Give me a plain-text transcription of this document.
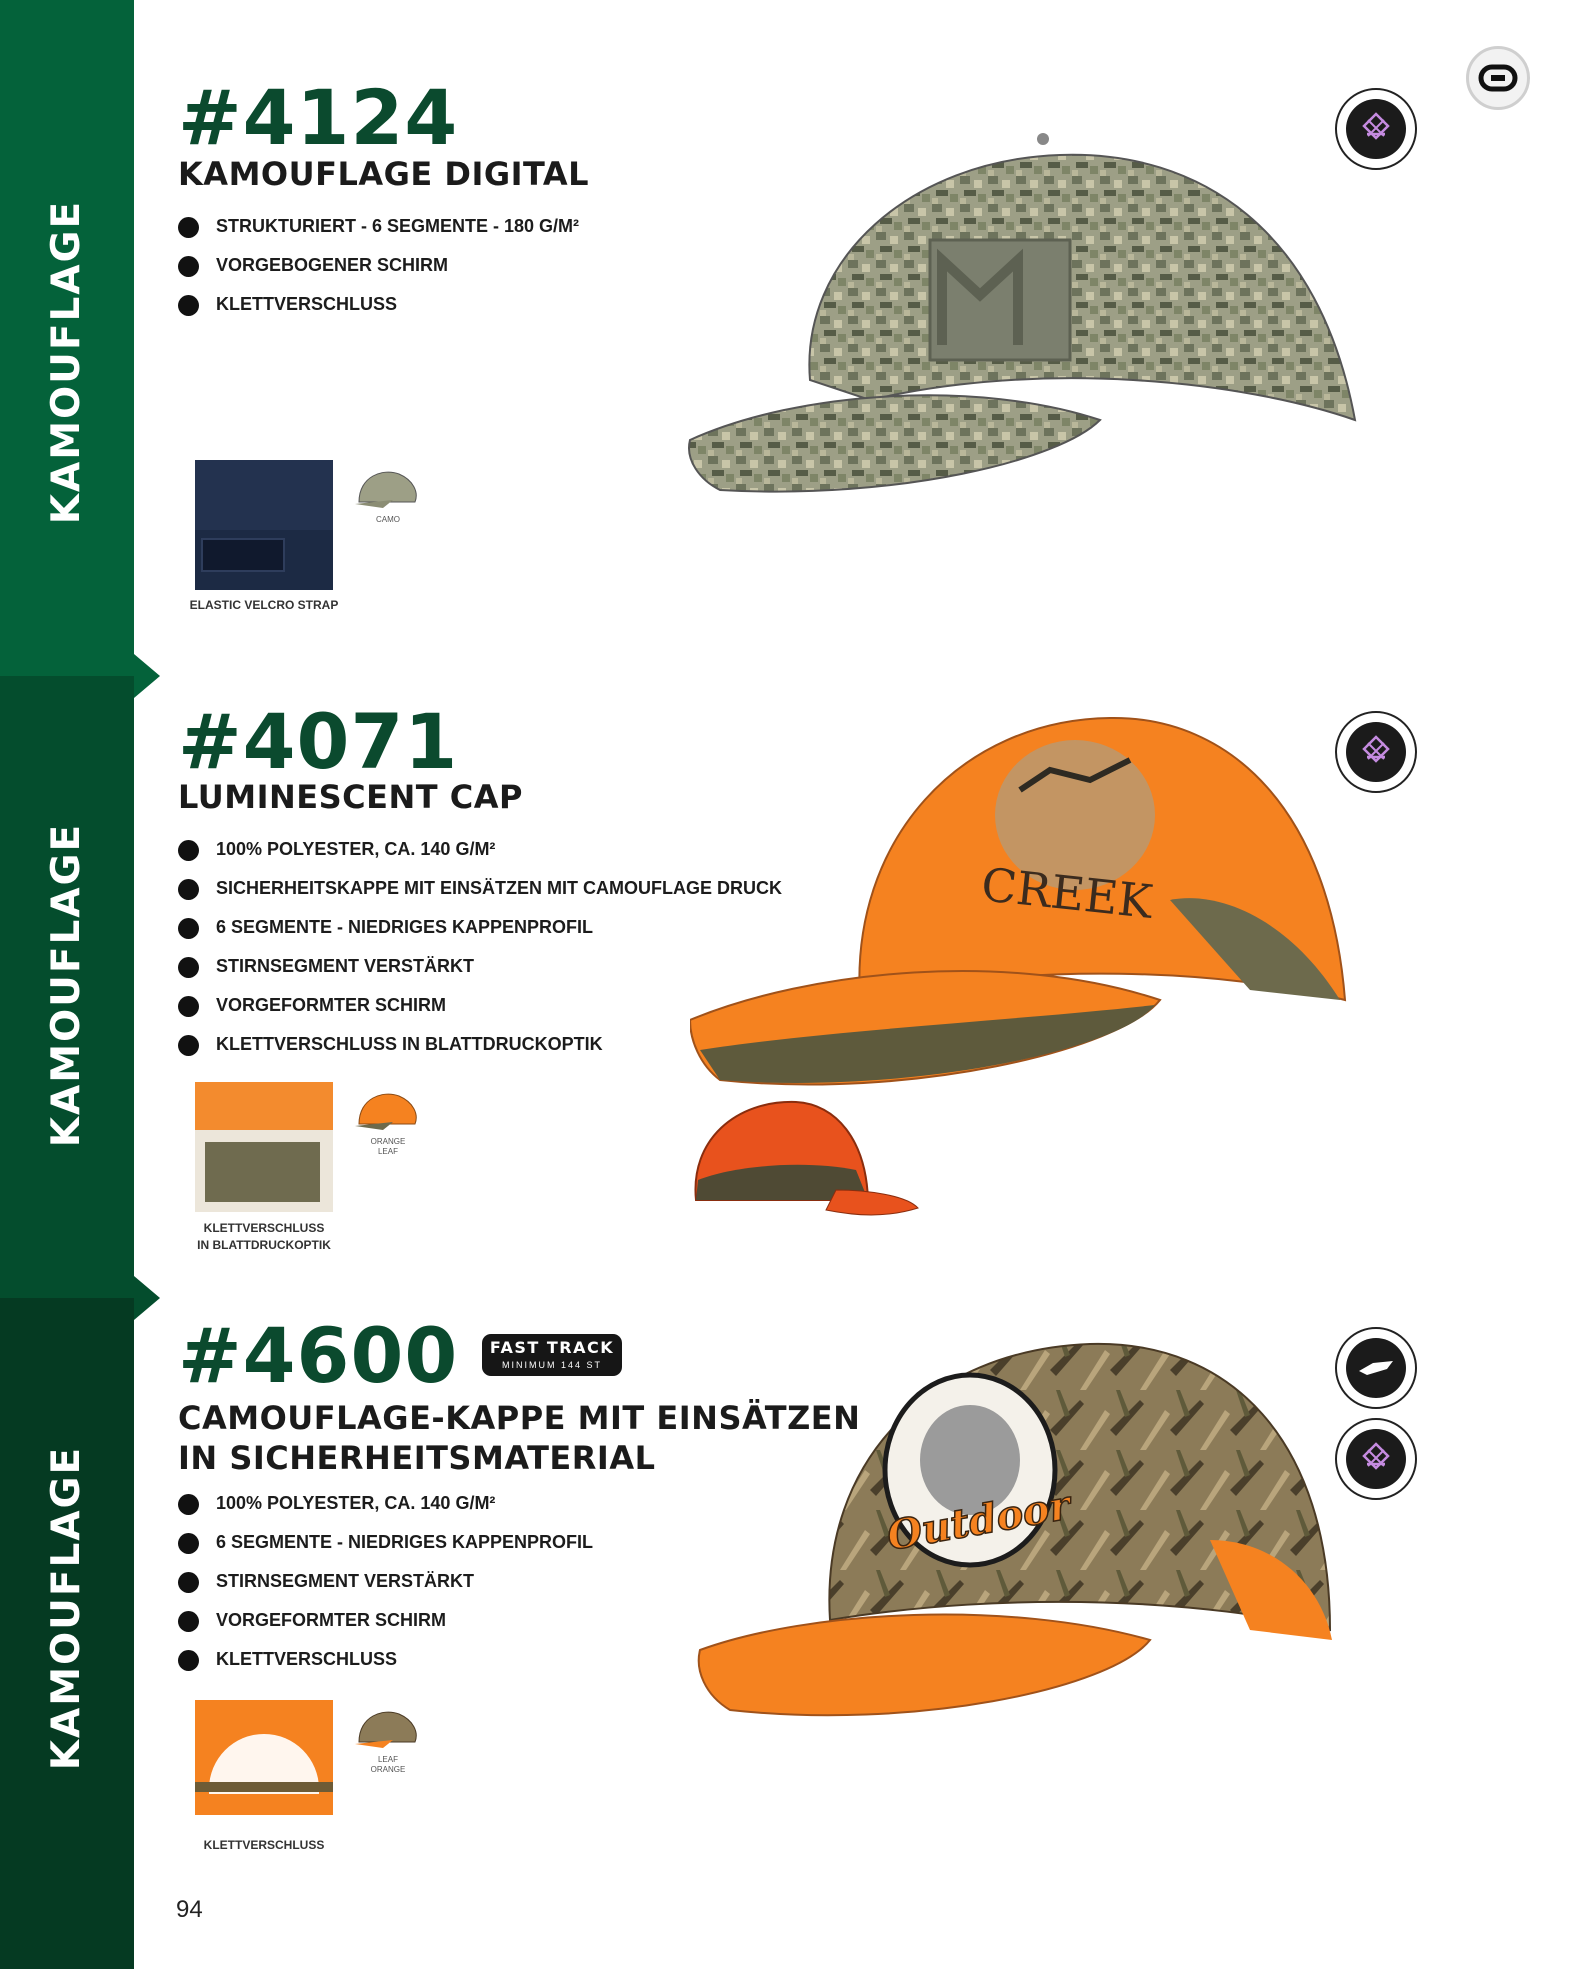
KAMOUFLAGE
KAMOUFLAGE
KAMOUFLAGE
#4124
KAMOUFLAGE DIGITAL
STRUKTURIERT - 6 SEGMENTE - 180 G/M²
VORGEBOGENER SCHIRM
KLETTVERSCHLUSS
ELASTIC VELCRO STRAP
CAMO
#4071
LUMINESCENT CAP
100% POLYESTER, CA. 140 G/M²
SICHERHEITSKAPPE MIT EINSÄTZEN MIT CAMOUFLAGE DRUCK
6 SEGMENTE - NIEDRIGES KAPPENPROFIL
STIRNSEGMENT VERSTÄRKT
VORGEFORMTER SCHIRM
KLETTVERSCHLUSS IN BLATTDRUCKOPTIK
CREEK
KLETTVERSCHLUSS
IN BLATTDRUCKOPTIK
ORANGE
LEAF
#4600	FAST TRACK
MINIMUM 144 ST
CAMOUFLAGE-KAPPE MIT EINSÄTZEN
IN SICHERHEITSMATERIAL
100% POLYESTER, CA. 140 G/M²
6 SEGMENTE - NIEDRIGES KAPPENPROFIL
STIRNSEGMENT VERSTÄRKT
VORGEFORMTER SCHIRM
KLETTVERSCHLUSS
Outdoor
KLETTVERSCHLUSS
LEAF
ORANGE
94
